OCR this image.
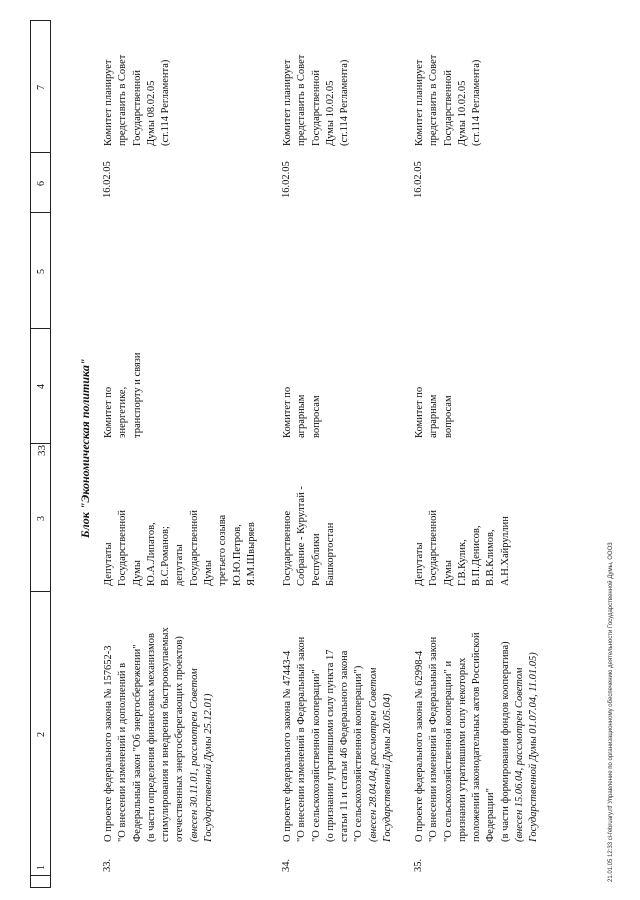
33
1
2
3
4
5
6
7
Блок "Экономическая политика"
33.
О проекте федерального закона № 157652-3 "О внесении изменений и дополнений в Федеральный закон "Об энергосбережении" (в части определения финансовых механизмов стимулирования и внедрения быстроокупаемых отечественных энергосберегающих проектов) (внесен 30.11.01, рассмотрен Советом Государственной Думы 25.12.01)
Депутаты Государственной Думы Ю.А.Липатов, В.С.Романов; депутаты Государственной Думы третьего созыва Ю.Ю.Петров, Я.М.Швыряев
Комитет по энергетике, транспорту и связи
16.02.05
Комитет планирует представить в Совет Государственной Думы 08.02.05 (ст.114 Регламента)
34.
О проекте федерального закона № 47443-4 "О внесении изменений в Федеральный закон "О сельскохозяйственной кооперации" (о признании утратившими силу пункта 17 статьи 11 и статьи 46 Федерального закона "О сельскохозяйственной кооперации") (внесен 28.04.04, рассмотрен Советом Государственной Думы 20.05.04)
Государственное Собрание - Курултай - Республики Башкортостан
Комитет по аграрным вопросам
16.02.05
Комитет планирует представить в Совет Государственной Думы 10.02.05 (ст.114 Регламента)
35.
О проекте федерального закона № 62998-4 "О внесении изменений в Федеральный закон "О сельскохозяйственной кооперации" и признании утратившими силу некоторых положений законодательных актов Российской Федерации" (в части формирования фондов кооператива) (внесен 15.06.04, рассмотрен Советом Государственной Думы 01.07.04, 11.01.05)
Депутаты Государственной Думы Г.В.Кулик, В.П.Денисов, В.В.Климов, А.Н.Хайруллин
Комитет по аграрным вопросам
16.02.05
Комитет планирует представить в Совет Государственной Думы 10.02.05 (ст.114 Регламента)
21.01.05 12:33 cl-february.rtf Управление по организационному обеспечению деятельности Государственной Думы, ООО3
